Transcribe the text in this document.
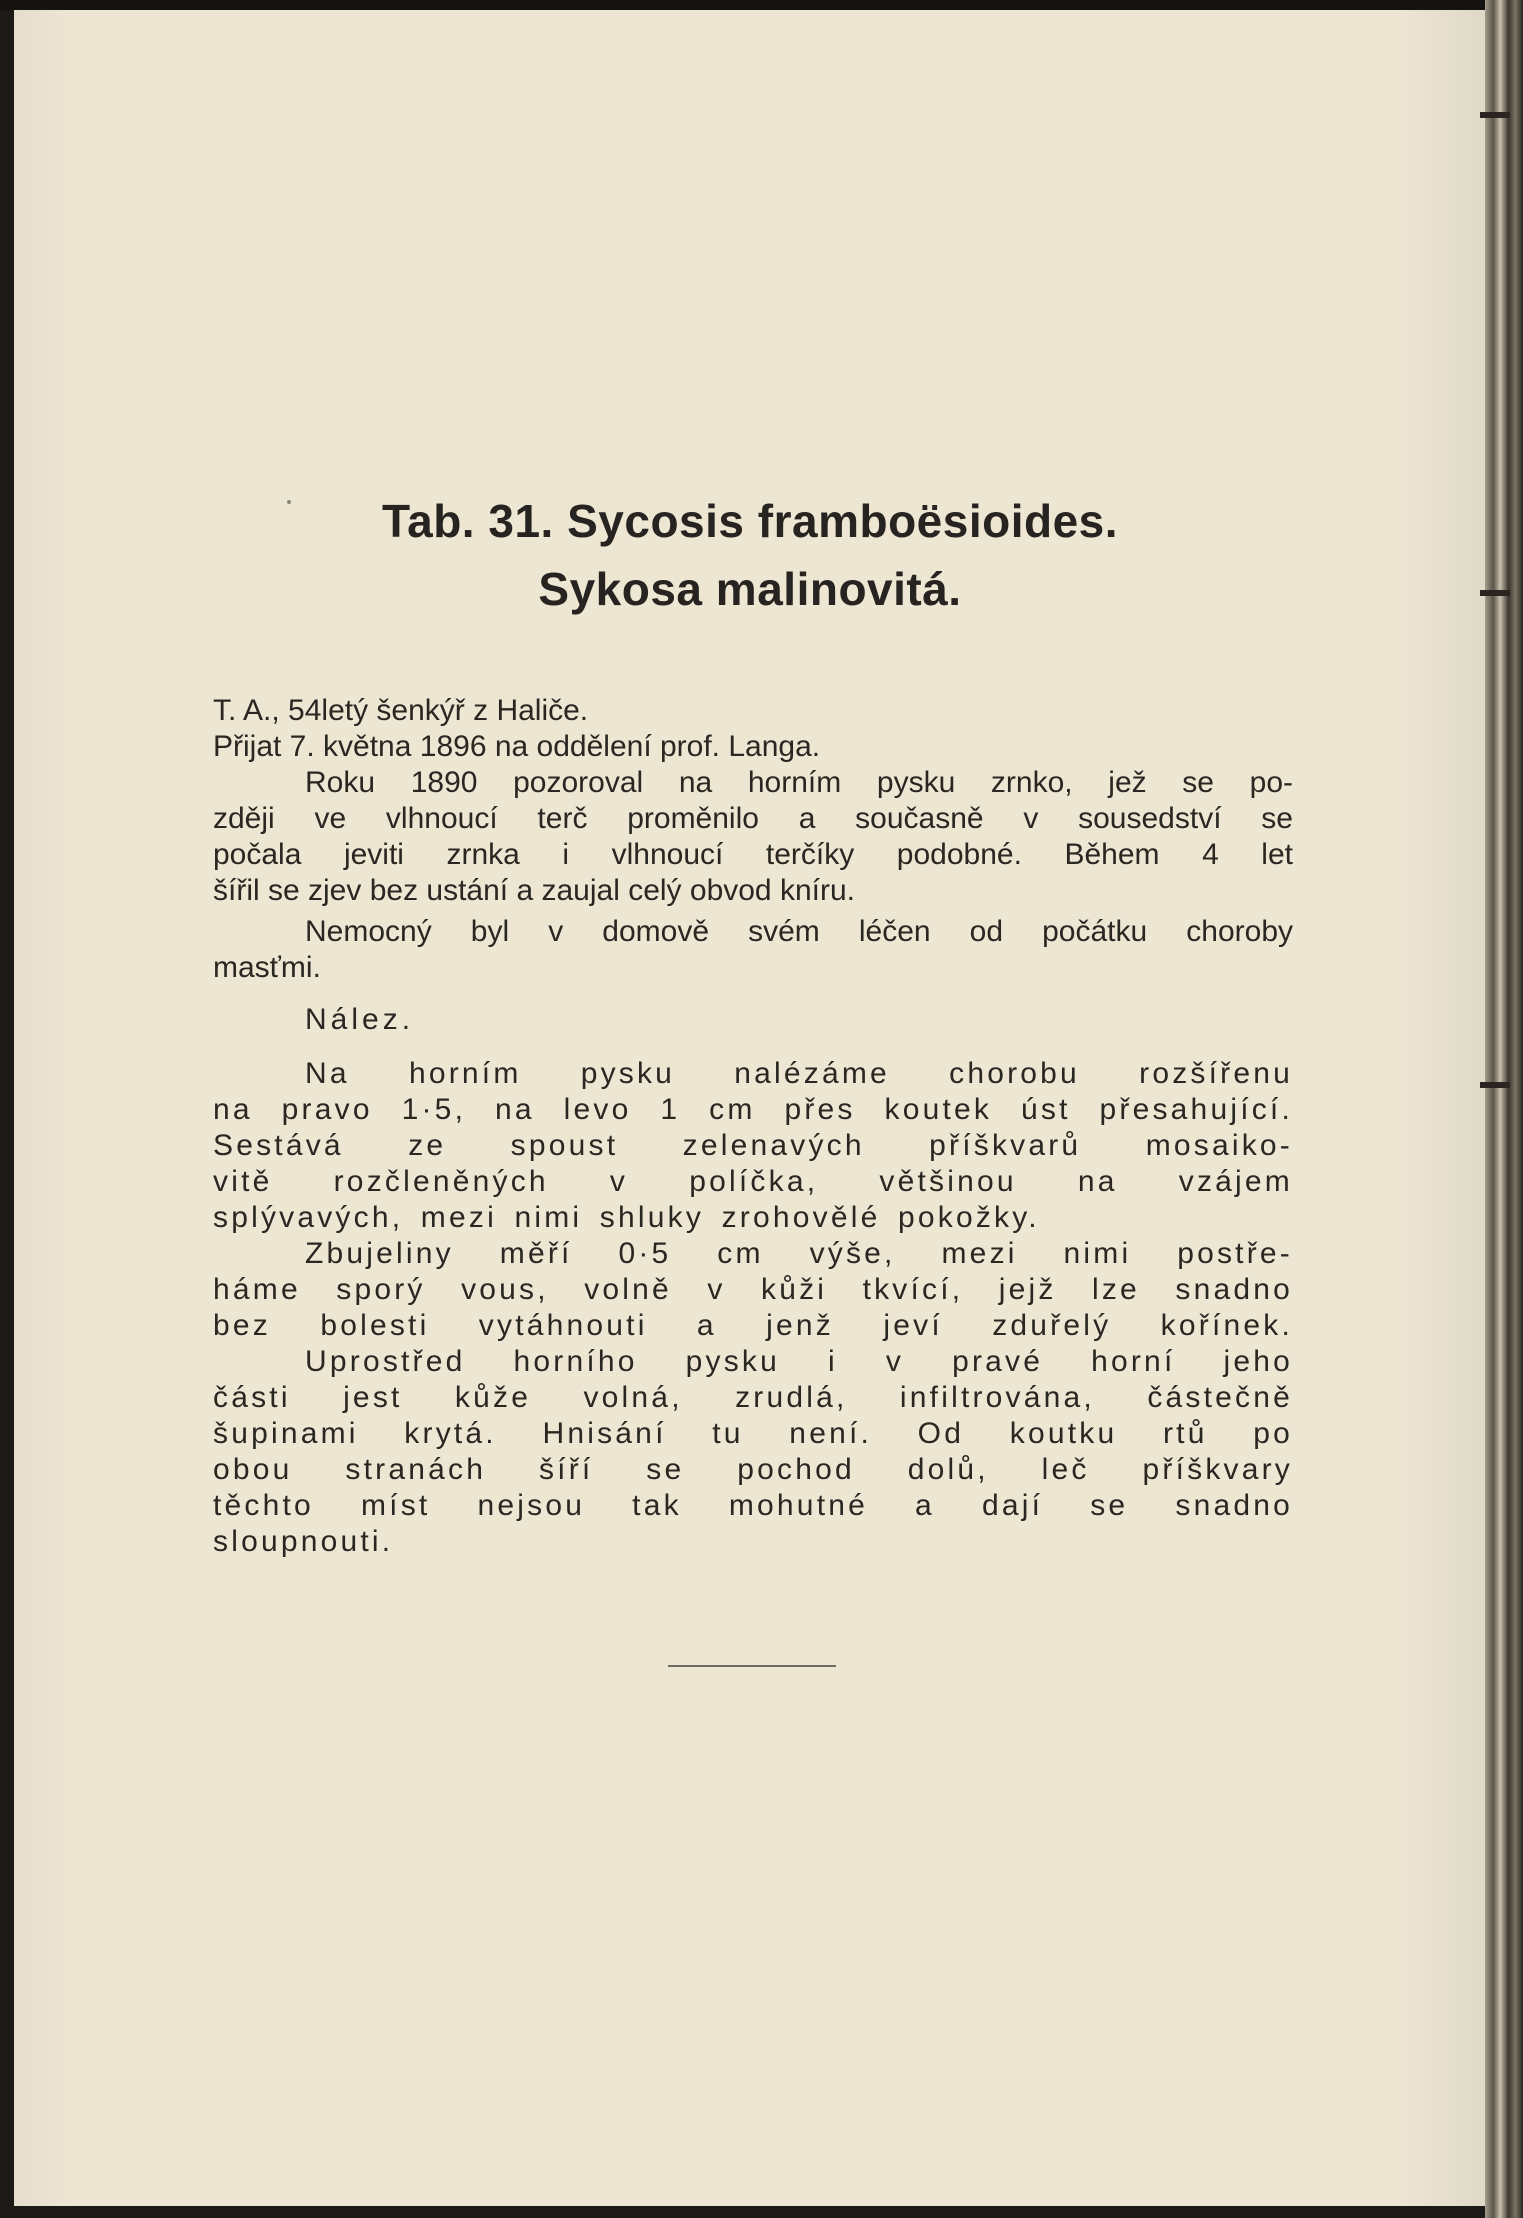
Tab. 31. Sycosis framboësioides.
Sykosa malinovitá.
T. A., 54letý šenkýř z Haliče.
Přijat 7. května 1896 na oddělení prof. Langa.
Roku 1890 pozoroval na horním pysku zrnko, jež se po-
zději ve vlhnoucí terč proměnilo a současně v sousedství se
počala jeviti zrnka i vlhnoucí terčíky podobné. Během 4 let
šířil se zjev bez ustání a zaujal celý obvod kníru.
Nemocný byl v domově svém léčen od počátku choroby
masťmi.
Nález.
Na horním pysku nalézáme chorobu rozšířenu
na pravo 1·5, na levo 1 cm přes koutek úst přesahující.
Sestává ze spoust zelenavých příškvarů mosaiko-
vitě rozčleněných v políčka, většinou na vzájem
splývavých, mezi nimi shluky zrohovělé pokožky.
Zbujeliny měří 0·5 cm výše, mezi nimi postře-
háme sporý vous, volně v kůži tkvící, jejž lze snadno
bez bolesti vytáhnouti a jenž jeví zduřelý kořínek.
Uprostřed horního pysku i v pravé horní jeho
části jest kůže volná, zrudlá, infiltrována, částečně
šupinami krytá. Hnisání tu není. Od koutku rtů po
obou stranách šíří se pochod dolů, leč příškvary
těchto míst nejsou tak mohutné a dají se snadno
sloupnouti.
